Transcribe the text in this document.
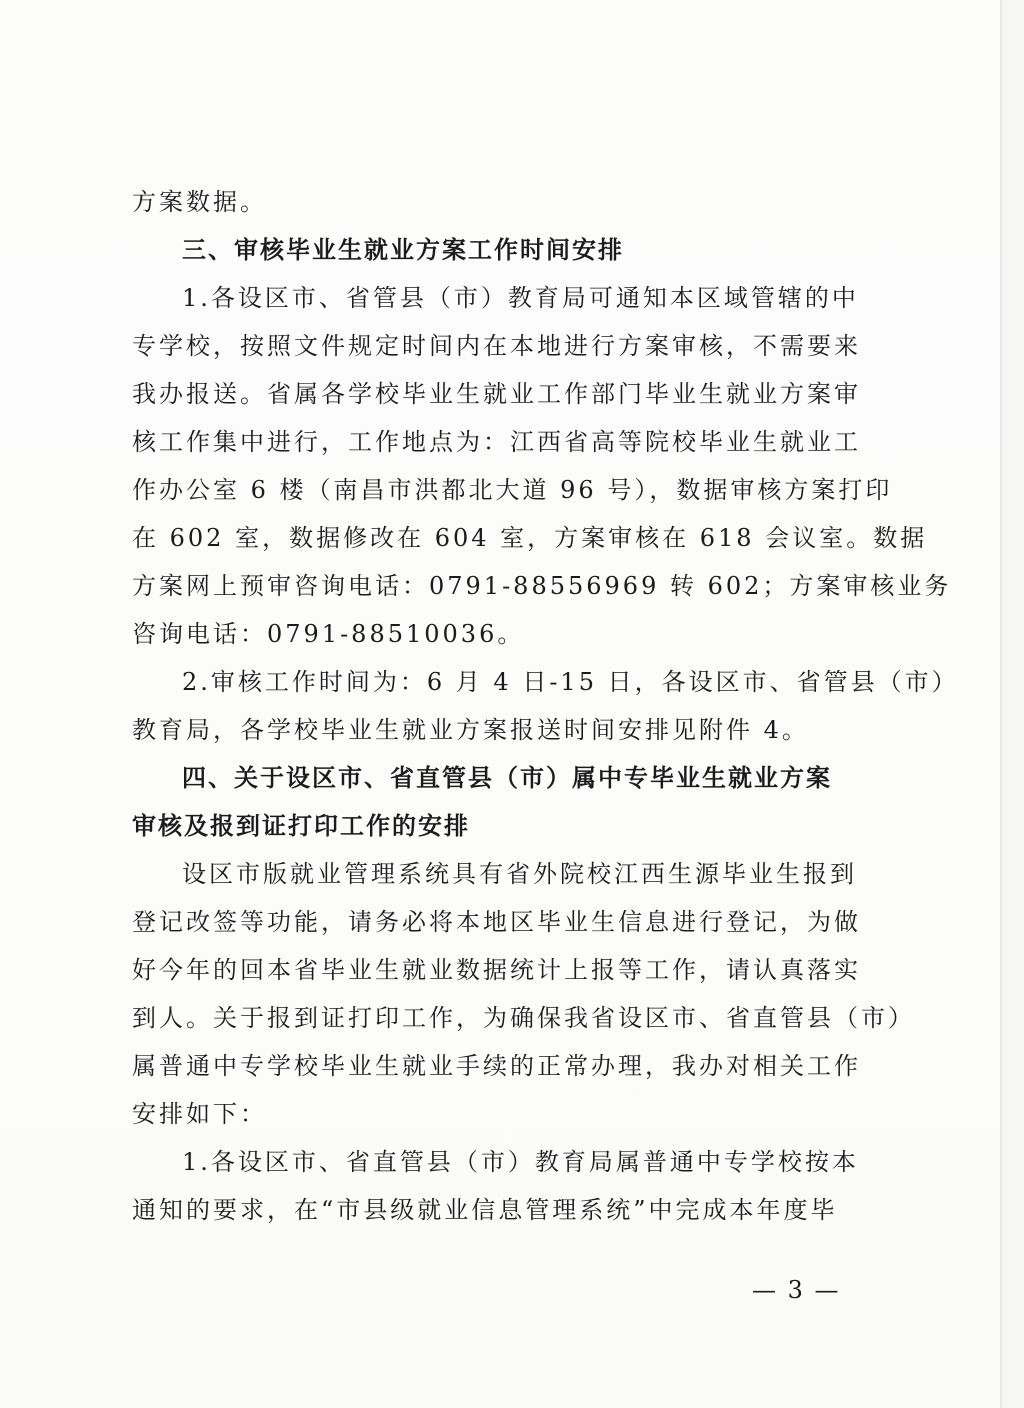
方案数据。
三、审核毕业生就业方案工作时间安排
1.各设区市、省管县（市）教育局可通知本区域管辖的中
专学校，按照文件规定时间内在本地进行方案审核，不需要来
我办报送。省属各学校毕业生就业工作部门毕业生就业方案审
核工作集中进行，工作地点为：江西省高等院校毕业生就业工
作办公室 6 楼（南昌市洪都北大道 96 号），数据审核方案打印
在 602 室，数据修改在 604 室，方案审核在 618 会议室。数据
方案网上预审咨询电话：0791-88556969 转 602；方案审核业务
咨询电话：0791-88510036。
2.审核工作时间为：6 月 4 日-15 日，各设区市、省管县（市）
教育局，各学校毕业生就业方案报送时间安排见附件 4。
四、关于设区市、省直管县（市）属中专毕业生就业方案
审核及报到证打印工作的安排
设区市版就业管理系统具有省外院校江西生源毕业生报到
登记改签等功能，请务必将本地区毕业生信息进行登记，为做
好今年的回本省毕业生就业数据统计上报等工作，请认真落实
到人。关于报到证打印工作，为确保我省设区市、省直管县（市）
属普通中专学校毕业生就业手续的正常办理，我办对相关工作
安排如下：
1.各设区市、省直管县（市）教育局属普通中专学校按本
通知的要求，在“市县级就业信息管理系统”中完成本年度毕
— 3 —
